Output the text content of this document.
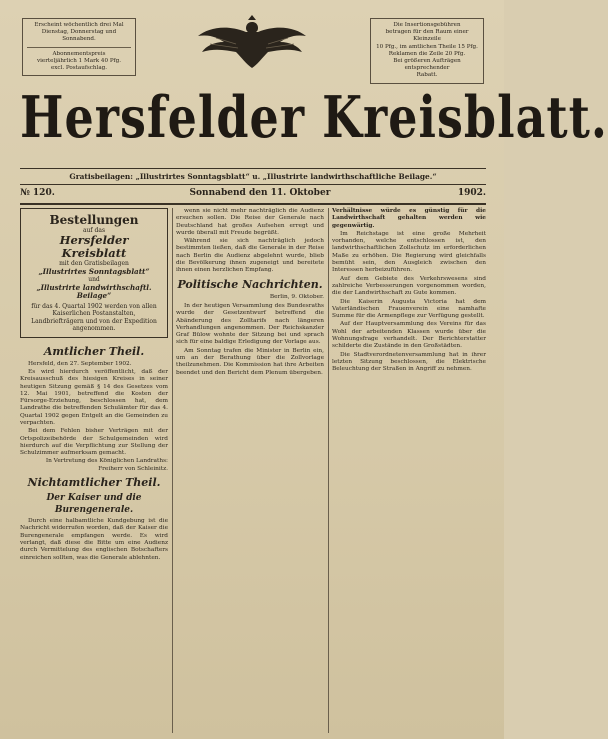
Erscheint wöchentlich drei Mal
Dienstag, Donnerstag und Sonnabend.
Abonnementspreis
vierteljährlich 1 Mark 40 Pfg.
excl. Postaufschlag.
Die Insertionsgebühren
betragen für den Raum einer Kleinzeile
10 Pfg., im amtlichen Theile 15 Pfg.
Reklamen die Zeile 20 Pfg.
Bei größeren Aufträgen entsprechender
Rabatt.
Hersfelder Kreisblatt.
Gratisbeilagen: „Illustrirtes Sonntagsblatt“ u. „Illustrirte landwirthschaftliche Beilage.“
№ 120.	Sonnabend den 11. Oktober	1902.
Bestellungen
auf das
Hersfelder Kreisblatt
mit den Gratisbeilagen
„Illustrirtes Sonntagsblatt“
und
„Illustrirte landwirthschaftl. Beilage“
für das 4. Quartal 1902 werden von allen Kaiserlichen Postanstalten, Landbriefträgern und von der Expedition angenommen.
Amtlicher Theil.

Hersfeld, den 27. September 1902.

Es wird hierdurch veröffentlicht, daß der Kreisausschuß des hiesigen Kreises in seiner heutigen Sitzung gemäß § 14 des Gesetzes vom 12. Mai 1901, betreffend die Kosten der Fürsorge-Erziehung, beschlossen hat, dem Landrathe die betreffenden Schulämter für das 4. Quartal 1902 gegen Entgelt an die Gemeinden zu verpachten.

Bei dem Fehlen bisher Verträgen mit der Ortspolizeibehörde der Schulgemeinden wird hierdurch auf die Verpflichtung zur Stellung der Schulzimmer aufmerksam gemacht.

In Vertretung des Königlichen Landraths: Freiherr von Schleinitz.

Nichtamtlicher Theil.
Der Kaiser und die Burengenerale.

Durch eine halbamtliche Kundgebung ist die Nachricht widerrufen worden, daß der Kaiser die Burengenerale empfangen werde. Es wird verlangt, daß diese die Bitte um eine Audienz durch Vermittelung des englischen Botschafters einreichen sollten, was die Generale ablehnten.

wenn sie nicht mehr nachträglich die Audienz ersuchen sollen. Die Reise der Generale nach Deutschland hat großes Aufsehen erregt und wurde überall mit Freude begrüßt.

Während sie sich nachträglich jedoch bestimmten ließen, daß die Generale in der Reise nach Berlin die Audienz abgelehnt wurde, blieb die Bevölkerung ihnen zugeneigt und bereitete ihnen einen herzlichen Empfang.

Politische Nachrichten.
Berlin, 9. Oktober.

In der heutigen Versammlung des Bundesraths wurde der Gesetzentwurf betreffend die Abänderung des Zolltarifs nach längeren Verhandlungen angenommen. Der Reichskanzler Graf Bülow wohnte der Sitzung bei und sprach sich für eine baldige Erledigung der Vorlage aus.

Am Sonntag trafen die Minister in Berlin ein, um an der Berathung über die Zollvorlage theilzunehmen. Die Kommission hat ihre Arbeiten beendet und den Bericht dem Plenum übergeben.

Verhältnisse würde es günstig für die Landwirthschaft gehalten werden wie gegenwärtig.

Im Reichstage ist eine große Mehrheit vorhanden, welche entschlossen ist, den landwirthschaftlichen Zollschutz im erforderlichen Maße zu erhöhen. Die Regierung wird gleichfalls bemüht sein, den Ausgleich zwischen den Interessen herbeizuführen.

Auf dem Gebiete des Verkehrswesens sind zahlreiche Verbesserungen vorgenommen worden, die der Landwirthschaft zu Gute kommen.

Die Kaiserin Augusta Victoria hat dem Vaterländischen Frauenverein eine namhafte Summe für die Armenpflege zur Verfügung gestellt.

Auf der Hauptversammlung des Vereins für das Wohl der arbeitenden Klassen wurde über die Wohnungsfrage verhandelt. Der Berichterstatter schilderte die Zustände in den Großstädten.

Die Stadtverordnetenversammlung hat in ihrer letzten Sitzung beschlossen, die Elektrische Beleuchtung der Straßen in Angriff zu nehmen.
